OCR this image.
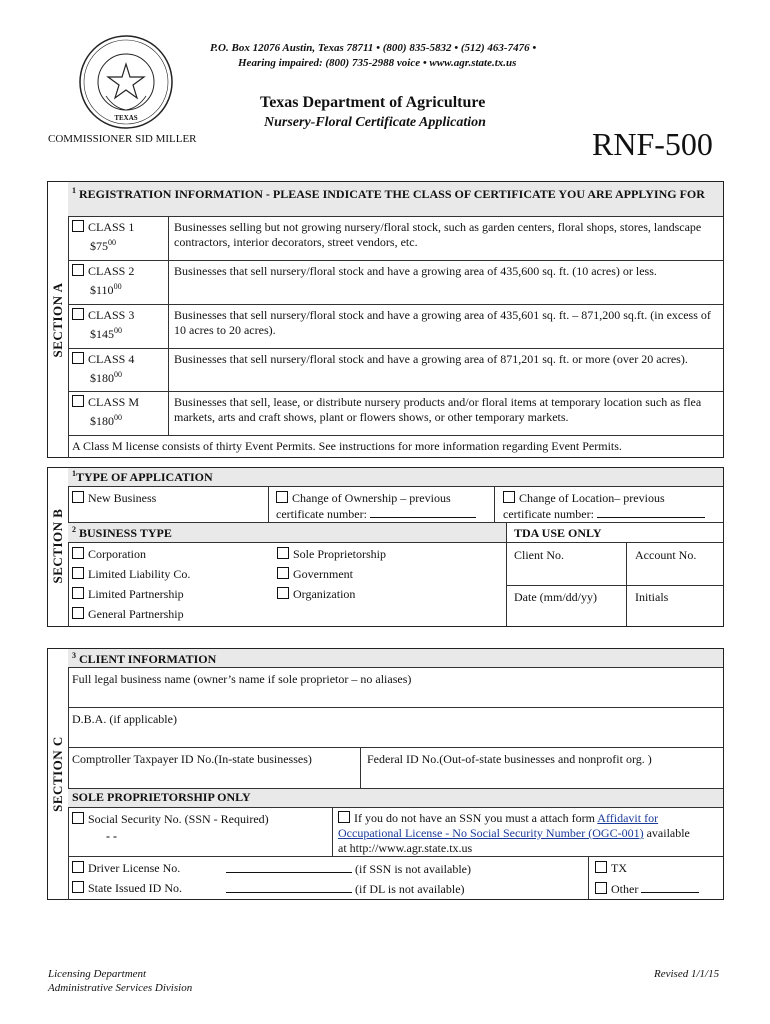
TEXAS
P.O. Box 12076 Austin, Texas 78711 • (800) 835-5832 • (512) 463-7476 •
Hearing impaired: (800) 735-2988 voice • www.agr.state.tx.us
Texas Department of Agriculture
Nursery-Floral Certificate Application
COMMISSIONER SID MILLER	RNF-500
SECTION A
$^1$ REGISTRATION INFORMATION - PLEASE INDICATE THE CLASS OF CERTIFICATE YOU ARE APPLYING FOR
CLASS 1
$\$75^{00}$
Businesses selling but not growing nursery/floral stock, such as garden centers, floral shops, stores, landscape contractors, interior decorators, street vendors, etc.
CLASS 2
$\$110^{00}$
Businesses that sell nursery/floral stock and have a growing area of 435,600 sq. ft. (10 acres) or less.
CLASS 3
$\$145^{00}$
Businesses that sell nursery/floral stock and have a growing area of 435,601 sq. ft. – 871,200 sq.ft. (in excess of 10 acres to 20 acres).
CLASS 4
$\$180^{00}$
Businesses that sell nursery/floral stock and have a growing area of 871,201 sq. ft. or more (over 20 acres).
CLASS M
$\$180^{00}$
Businesses that sell, lease, or distribute nursery products and/or floral items at temporary location such as flea markets, arts and craft shows, plant or flowers shows, or other temporary markets.
A Class M license consists of thirty Event Permits. See instructions for more information regarding Event Permits.
SECTION B
$^1$TYPE OF APPLICATION
New Business	Change of Ownership – previous
certificate number:
Change of Location– previous
certificate number:
$^2$ BUSINESS TYPE	TDA USE ONLY
Corporation
Limited Liability Co.
Limited Partnership
General Partnership
Sole Proprietorship
Government
Organization
Client No.	Account No.
Date (mm/dd/yy)	Initials
SECTION C
$^3$ CLIENT INFORMATION
Full legal business name (owner’s name if sole proprietor – no aliases)
D.B.A. (if applicable)
Comptroller Taxpayer ID No.(In-state businesses)	Federal ID No.(Out-of-state businesses and nonprofit org. )
SOLE PROPRIETORSHIP ONLY
Social Security No. (SSN - Required)
- -
If you do not have an SSN you must a attach form Affidavit for
Occupational License - No Social Security Number (OGC-001) available
at http://www.agr.state.tx.us
Driver License No.	(if SSN is not available)
State Issued ID No.	(if DL is not available)
TX
Other
Licensing Department
Administrative Services Division
Revised 1/1/15
